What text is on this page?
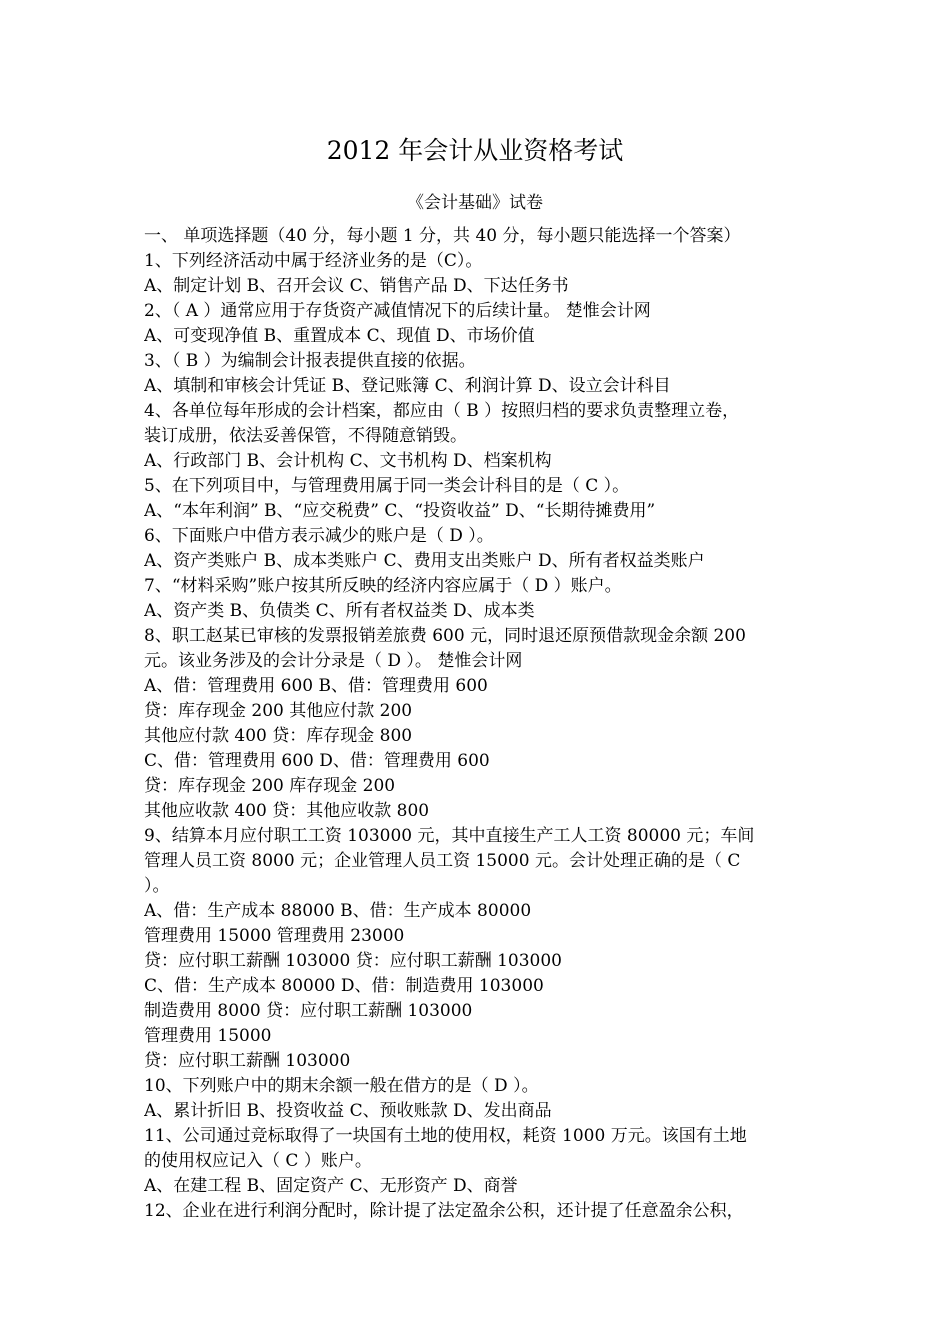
2012 年会计从业资格考试
《会计基础》试卷
一、 单项选择题（40 分，每小题 1 分，共 40 分，每小题只能选择一个答案）
1、下列经济活动中属于经济业务的是（C）。
A、制定计划 B、召开会议 C、销售产品 D、下达任务书
2、（ A ）通常应用于存货资产减值情况下的后续计量。 楚惟会计网
A、可变现净值 B、重置成本 C、现值 D、市场价值
3、（ B ）为编制会计报表提供直接的依据。
A、填制和审核会计凭证 B、登记账簿 C、利润计算 D、设立会计科目
4、各单位每年形成的会计档案，都应由（ B ）按照归档的要求负责整理立卷，
装订成册，依法妥善保管，不得随意销毁。
A、行政部门 B、会计机构 C、文书机构 D、档案机构
5、在下列项目中，与管理费用属于同一类会计科目的是（ C ）。
A、“本年利润” B、“应交税费” C、“投资收益” D、“长期待摊费用”
6、下面账户中借方表示减少的账户是（ D ）。
A、资产类账户 B、成本类账户 C、费用支出类账户 D、所有者权益类账户
7、“材料采购”账户按其所反映的经济内容应属于（ D ）账户。
A、资产类 B、负债类 C、所有者权益类 D、成本类
8、职工赵某已审核的发票报销差旅费 600 元，同时退还原预借款现金余额 200
元。该业务涉及的会计分录是（ D ）。 楚惟会计网
A、借：管理费用 600 B、借：管理费用 600
贷：库存现金 200 其他应付款 200
其他应付款 400 贷：库存现金 800
C、借：管理费用 600 D、借：管理费用 600
贷：库存现金 200 库存现金 200
其他应收款 400 贷：其他应收款 800
9、结算本月应付职工工资 103000 元，其中直接生产工人工资 80000 元；车间
管理人员工资 8000 元；企业管理人员工资 15000 元。会计处理正确的是（ C
）。
A、借：生产成本 88000 B、借：生产成本 80000
管理费用 15000 管理费用 23000
贷：应付职工薪酬 103000 贷：应付职工薪酬 103000
C、借：生产成本 80000 D、借：制造费用 103000
制造费用 8000 贷：应付职工薪酬 103000
管理费用 15000
贷：应付职工薪酬 103000
10、下列账户中的期末余额一般在借方的是（ D ）。
A、累计折旧 B、投资收益 C、预收账款 D、发出商品
11、公司通过竞标取得了一块国有土地的使用权，耗资 1000 万元。该国有土地
的使用权应记入（ C ）账户。
A、在建工程 B、固定资产 C、无形资产 D、商誉
12、企业在进行利润分配时，除计提了法定盈余公积，还计提了任意盈余公积，
